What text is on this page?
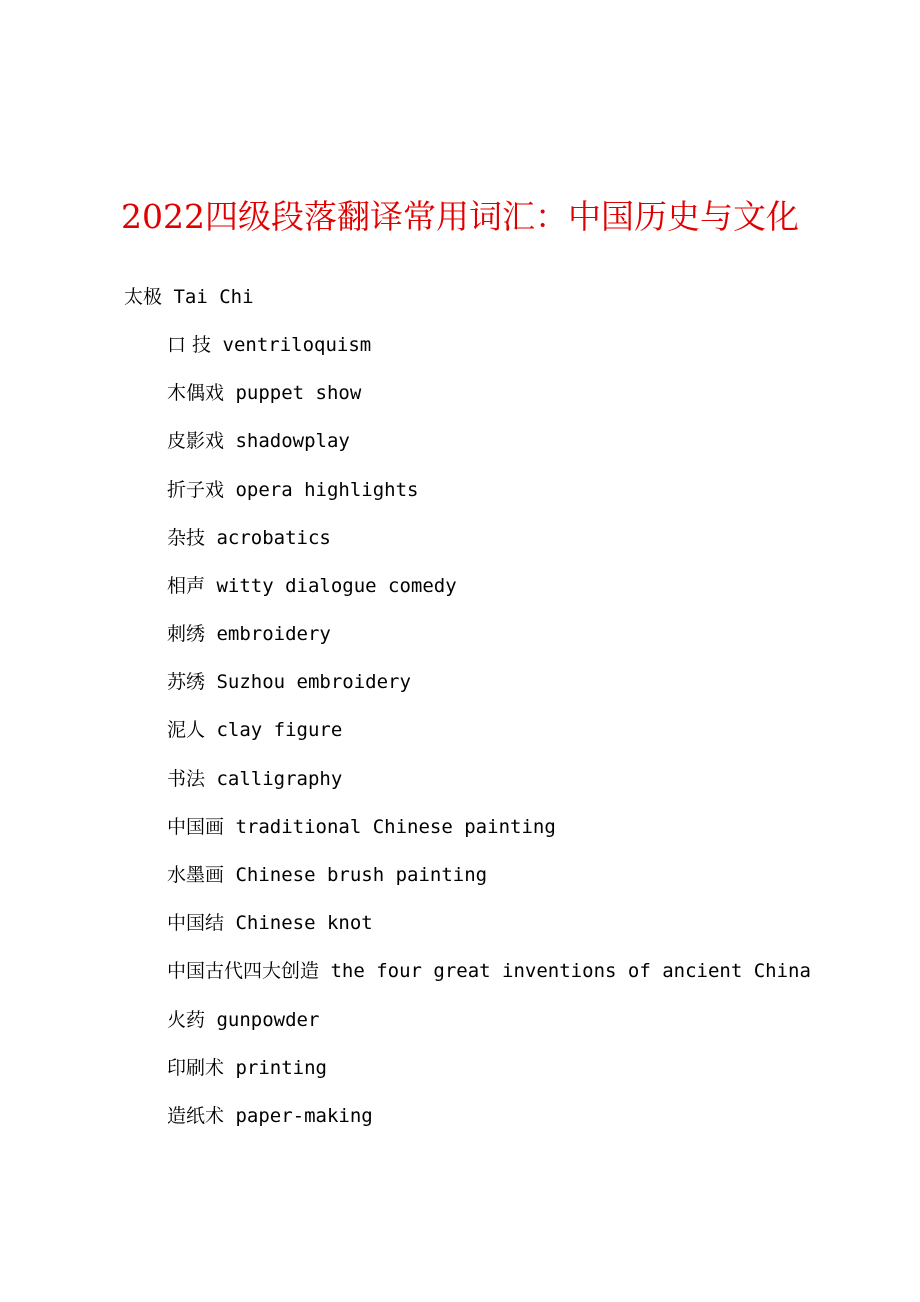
2022四级段落翻译常用词汇：中国历史与文化
太极 Tai Chi
口 技 ventriloquism
木偶戏 puppet show
皮影戏 shadowplay
折子戏 opera highlights
杂技 acrobatics
相声 witty dialogue comedy
刺绣 embroidery
苏绣 Suzhou embroidery
泥人 clay figure
书法 calligraphy
中国画 traditional Chinese painting
水墨画 Chinese brush painting
中国结 Chinese knot
中国古代四大创造 the four great inventions of ancient China
火药 gunpowder
印刷术 printing
造纸术 paper-making
